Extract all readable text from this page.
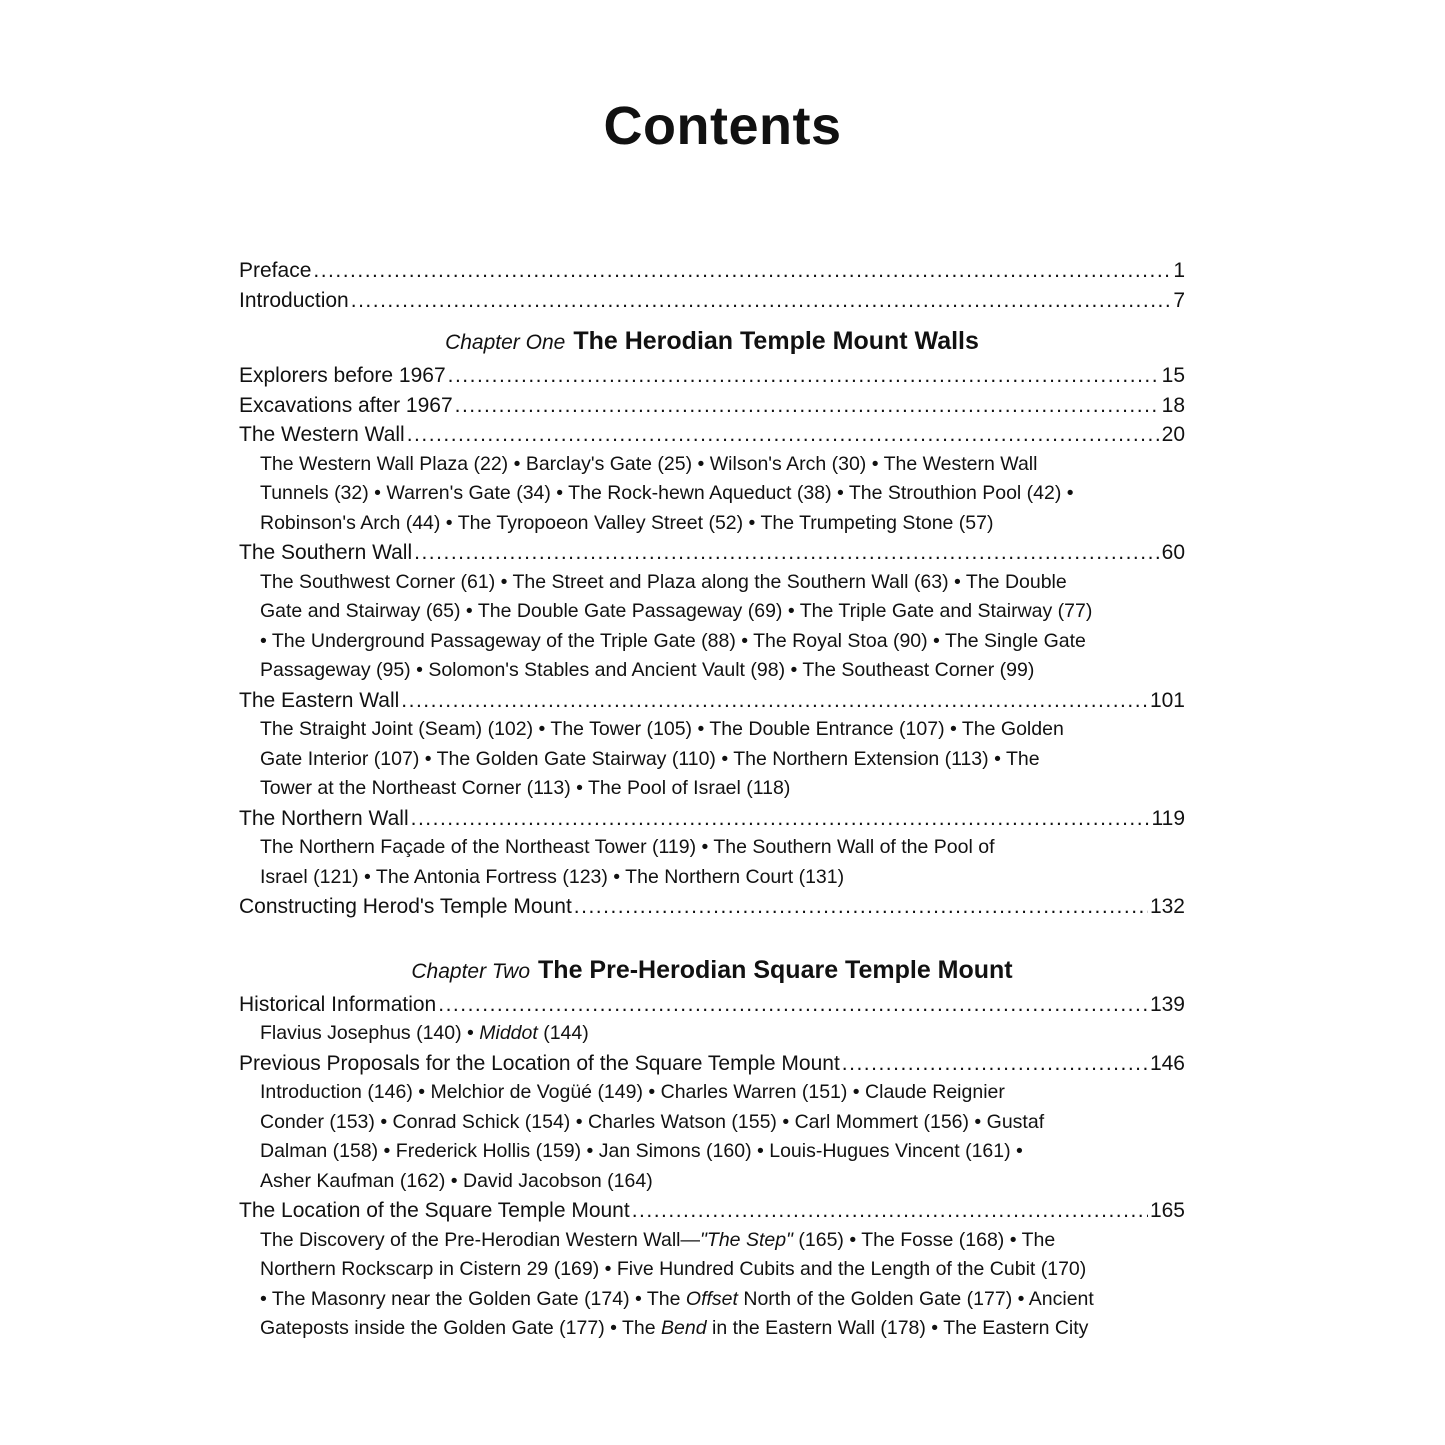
Contents
Preface .....	1
Introduction .....	7
Chapter One The Herodian Temple Mount Walls
Explorers before 1967 .....	15
Excavations after 1967 .....	18
The Western Wall .....	20
The Western Wall Plaza (22) • Barclay's Gate (25) • Wilson's Arch (30) • The Western Wall
Tunnels (32) • Warren's Gate (34) • The Rock-hewn Aqueduct (38) • The Strouthion Pool (42) •
Robinson's Arch (44) • The Tyropoeon Valley Street (52) • The Trumpeting Stone (57)
The Southern Wall .....	60
The Southwest Corner (61) • The Street and Plaza along the Southern Wall (63) • The Double
Gate and Stairway (65) • The Double Gate Passageway (69) • The Triple Gate and Stairway (77)
• The Underground Passageway of the Triple Gate (88) • The Royal Stoa (90) • The Single Gate
Passageway (95) • Solomon's Stables and Ancient Vault (98) • The Southeast Corner (99)
The Eastern Wall .....	101
The Straight Joint (Seam) (102) • The Tower (105) • The Double Entrance (107) • The Golden
Gate Interior (107) • The Golden Gate Stairway (110) • The Northern Extension (113) • The
Tower at the Northeast Corner (113) • The Pool of Israel (118)
The Northern Wall .....	119
The Northern Façade of the Northeast Tower (119) • The Southern Wall of the Pool of
Israel (121) • The Antonia Fortress (123) • The Northern Court (131)
Constructing Herod's Temple Mount .....	132
Chapter Two The Pre-Herodian Square Temple Mount
Historical Information .....	139
Flavius Josephus (140) • Middot (144)
Previous Proposals for the Location of the Square Temple Mount .....	146
Introduction (146) • Melchior de Vogüé (149) • Charles Warren (151) • Claude Reignier
Conder (153) • Conrad Schick (154) • Charles Watson (155) • Carl Mommert (156) • Gustaf
Dalman (158) • Frederick Hollis (159) • Jan Simons (160) • Louis-Hugues Vincent (161) •
Asher Kaufman (162) • David Jacobson (164)
The Location of the Square Temple Mount .....	165
The Discovery of the Pre-Herodian Western Wall—"The Step" (165) • The Fosse (168) • The
Northern Rockscarp in Cistern 29 (169) • Five Hundred Cubits and the Length of the Cubit (170)
• The Masonry near the Golden Gate (174) • The Offset North of the Golden Gate (177) • Ancient
Gateposts inside the Golden Gate (177) • The Bend in the Eastern Wall (178) • The Eastern City
